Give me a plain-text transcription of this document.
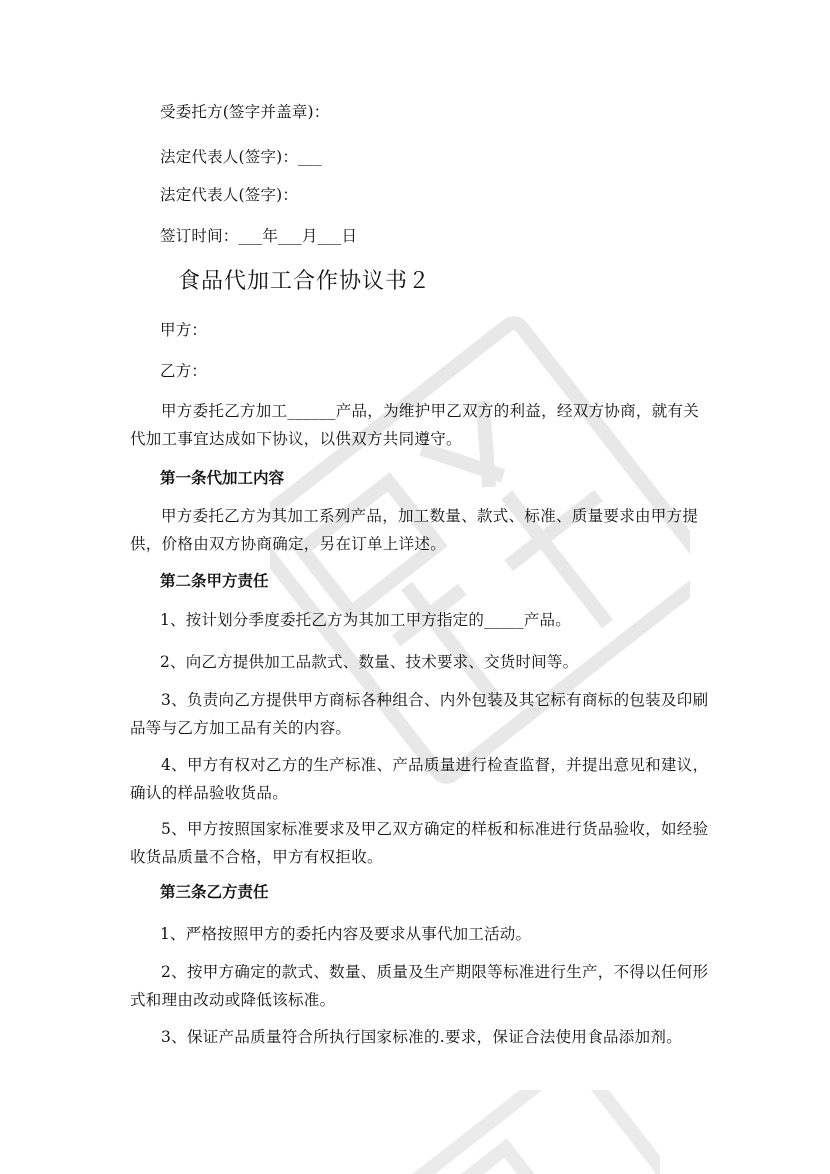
受委托方(签字并盖章)：

法定代表人(签字)：___

法定代表人(签字)：

签订时间：___年___月___日

食品代加工合作协议书２

甲方：

乙方：

甲方委托乙方加工______产品，为维护甲乙双方的利益，经双方协商，就有关代加工事宜达成如下协议，以供双方共同遵守。

第一条代加工内容

甲方委托乙方为其加工系列产品，加工数量、款式、标准、质量要求由甲方提供，价格由双方协商确定，另在订单上详述。

第二条甲方责任

1、按计划分季度委托乙方为其加工甲方指定的_____产品。

2、向乙方提供加工品款式、数量、技术要求、交货时间等。

3、负责向乙方提供甲方商标各种组合、内外包装及其它标有商标的包装及印刷品等与乙方加工品有关的内容。

4、甲方有权对乙方的生产标准、产品质量进行检查监督，并提出意见和建议，确认的样品验收货品。

5、甲方按照国家标准要求及甲乙双方确定的样板和标准进行货品验收，如经验收货品质量不合格，甲方有权拒收。

第三条乙方责任

1、严格按照甲方的委托内容及要求从事代加工活动。

2、按甲方确定的款式、数量、质量及生产期限等标准进行生产，不得以任何形式和理由改动或降低该标准。

3、保证产品质量符合所执行国家标准的.要求，保证合法使用食品添加剂。
